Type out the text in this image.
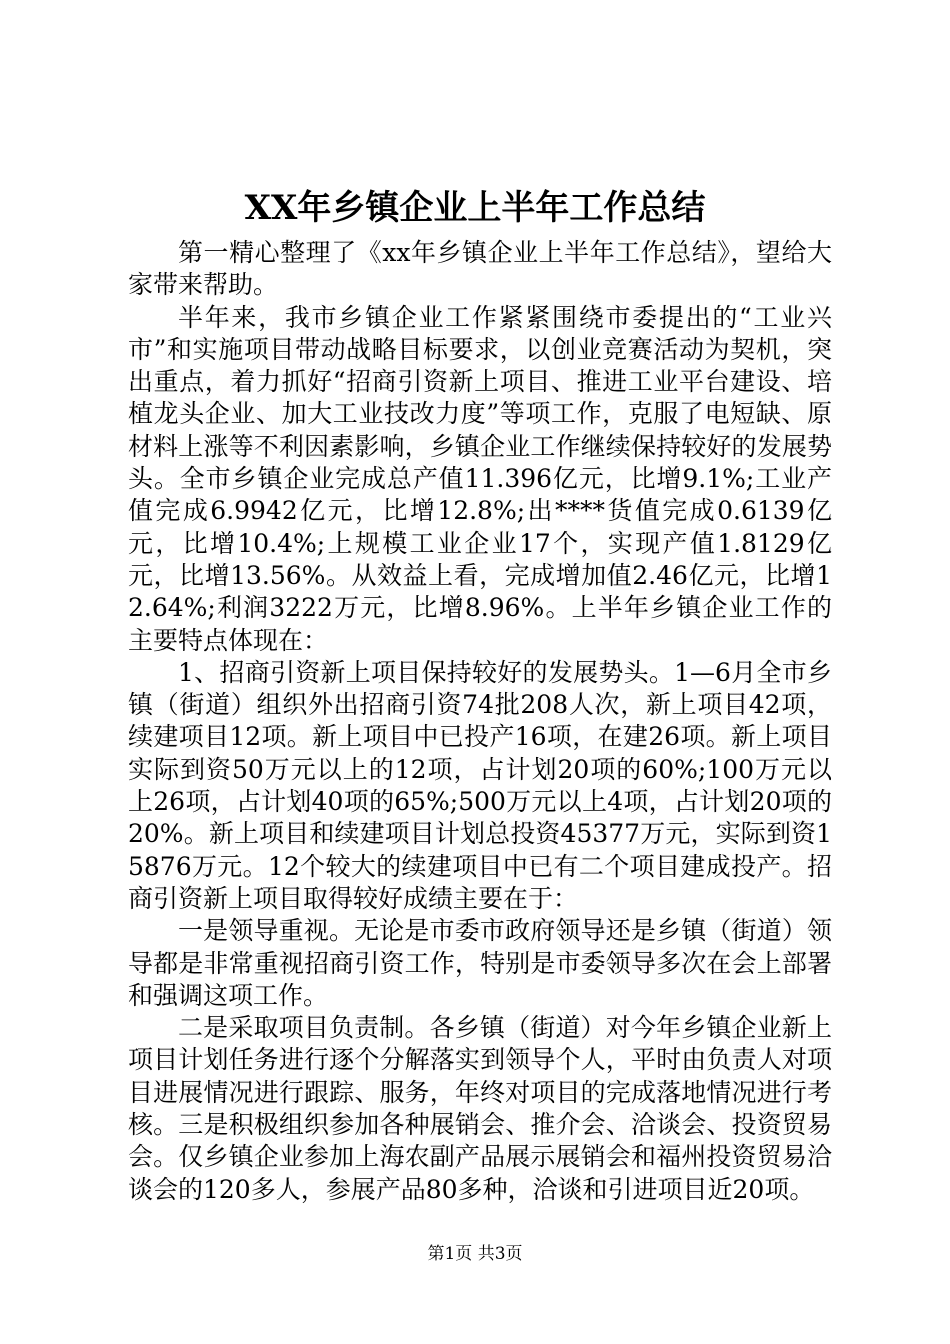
XX年乡镇企业上半年工作总结

第一精心整理了《xx年乡镇企业上半年工作总结》，望给大家带来帮助。

半年来，我市乡镇企业工作紧紧围绕市委提出的“工业兴市”和实施项目带动战略目标要求，以创业竞赛活动为契机，突出重点，着力抓好“招商引资新上项目、推进工业平台建设、培植龙头企业、加大工业技改力度”等项工作，克服了电短缺、原材料上涨等不利因素影响，乡镇企业工作继续保持较好的发展势头。全市乡镇企业完成总产值11.396亿元，比增9.1%;工业产值完成6.9942亿元，比增12.8%;出****货值完成0.6139亿元，比增10.4%;上规模工业企业17个，实现产值1.8129亿元，比增13.56%。从效益上看，完成增加值2.46亿元，比增12.64%;利润3222万元，比增8.96%。上半年乡镇企业工作的主要特点体现在：

1、招商引资新上项目保持较好的发展势头。1—6月全市乡镇（街道）组织外出招商引资74批208人次，新上项目42项，续建项目12项。新上项目中已投产16项，在建26项。新上项目实际到资50万元以上的12项，占计划20项的60%;100万元以上26项，占计划40项的65%;500万元以上4项，占计划20项的20%。新上项目和续建项目计划总投资45377万元，实际到资15876万元。12个较大的续建项目中已有二个项目建成投产。招商引资新上项目取得较好成绩主要在于：

一是领导重视。无论是市委市政府领导还是乡镇（街道）领导都是非常重视招商引资工作，特别是市委领导多次在会上部署和强调这项工作。

二是采取项目负责制。各乡镇（街道）对今年乡镇企业新上项目计划任务进行逐个分解落实到领导个人，平时由负责人对项目进展情况进行跟踪、服务，年终对项目的完成落地情况进行考核。三是积极组织参加各种展销会、推介会、洽谈会、投资贸易会。仅乡镇企业参加上海农副产品展示展销会和福州投资贸易洽谈会的120多人，参展产品80多种，洽谈和引进项目近20项。

第1页 共3页
